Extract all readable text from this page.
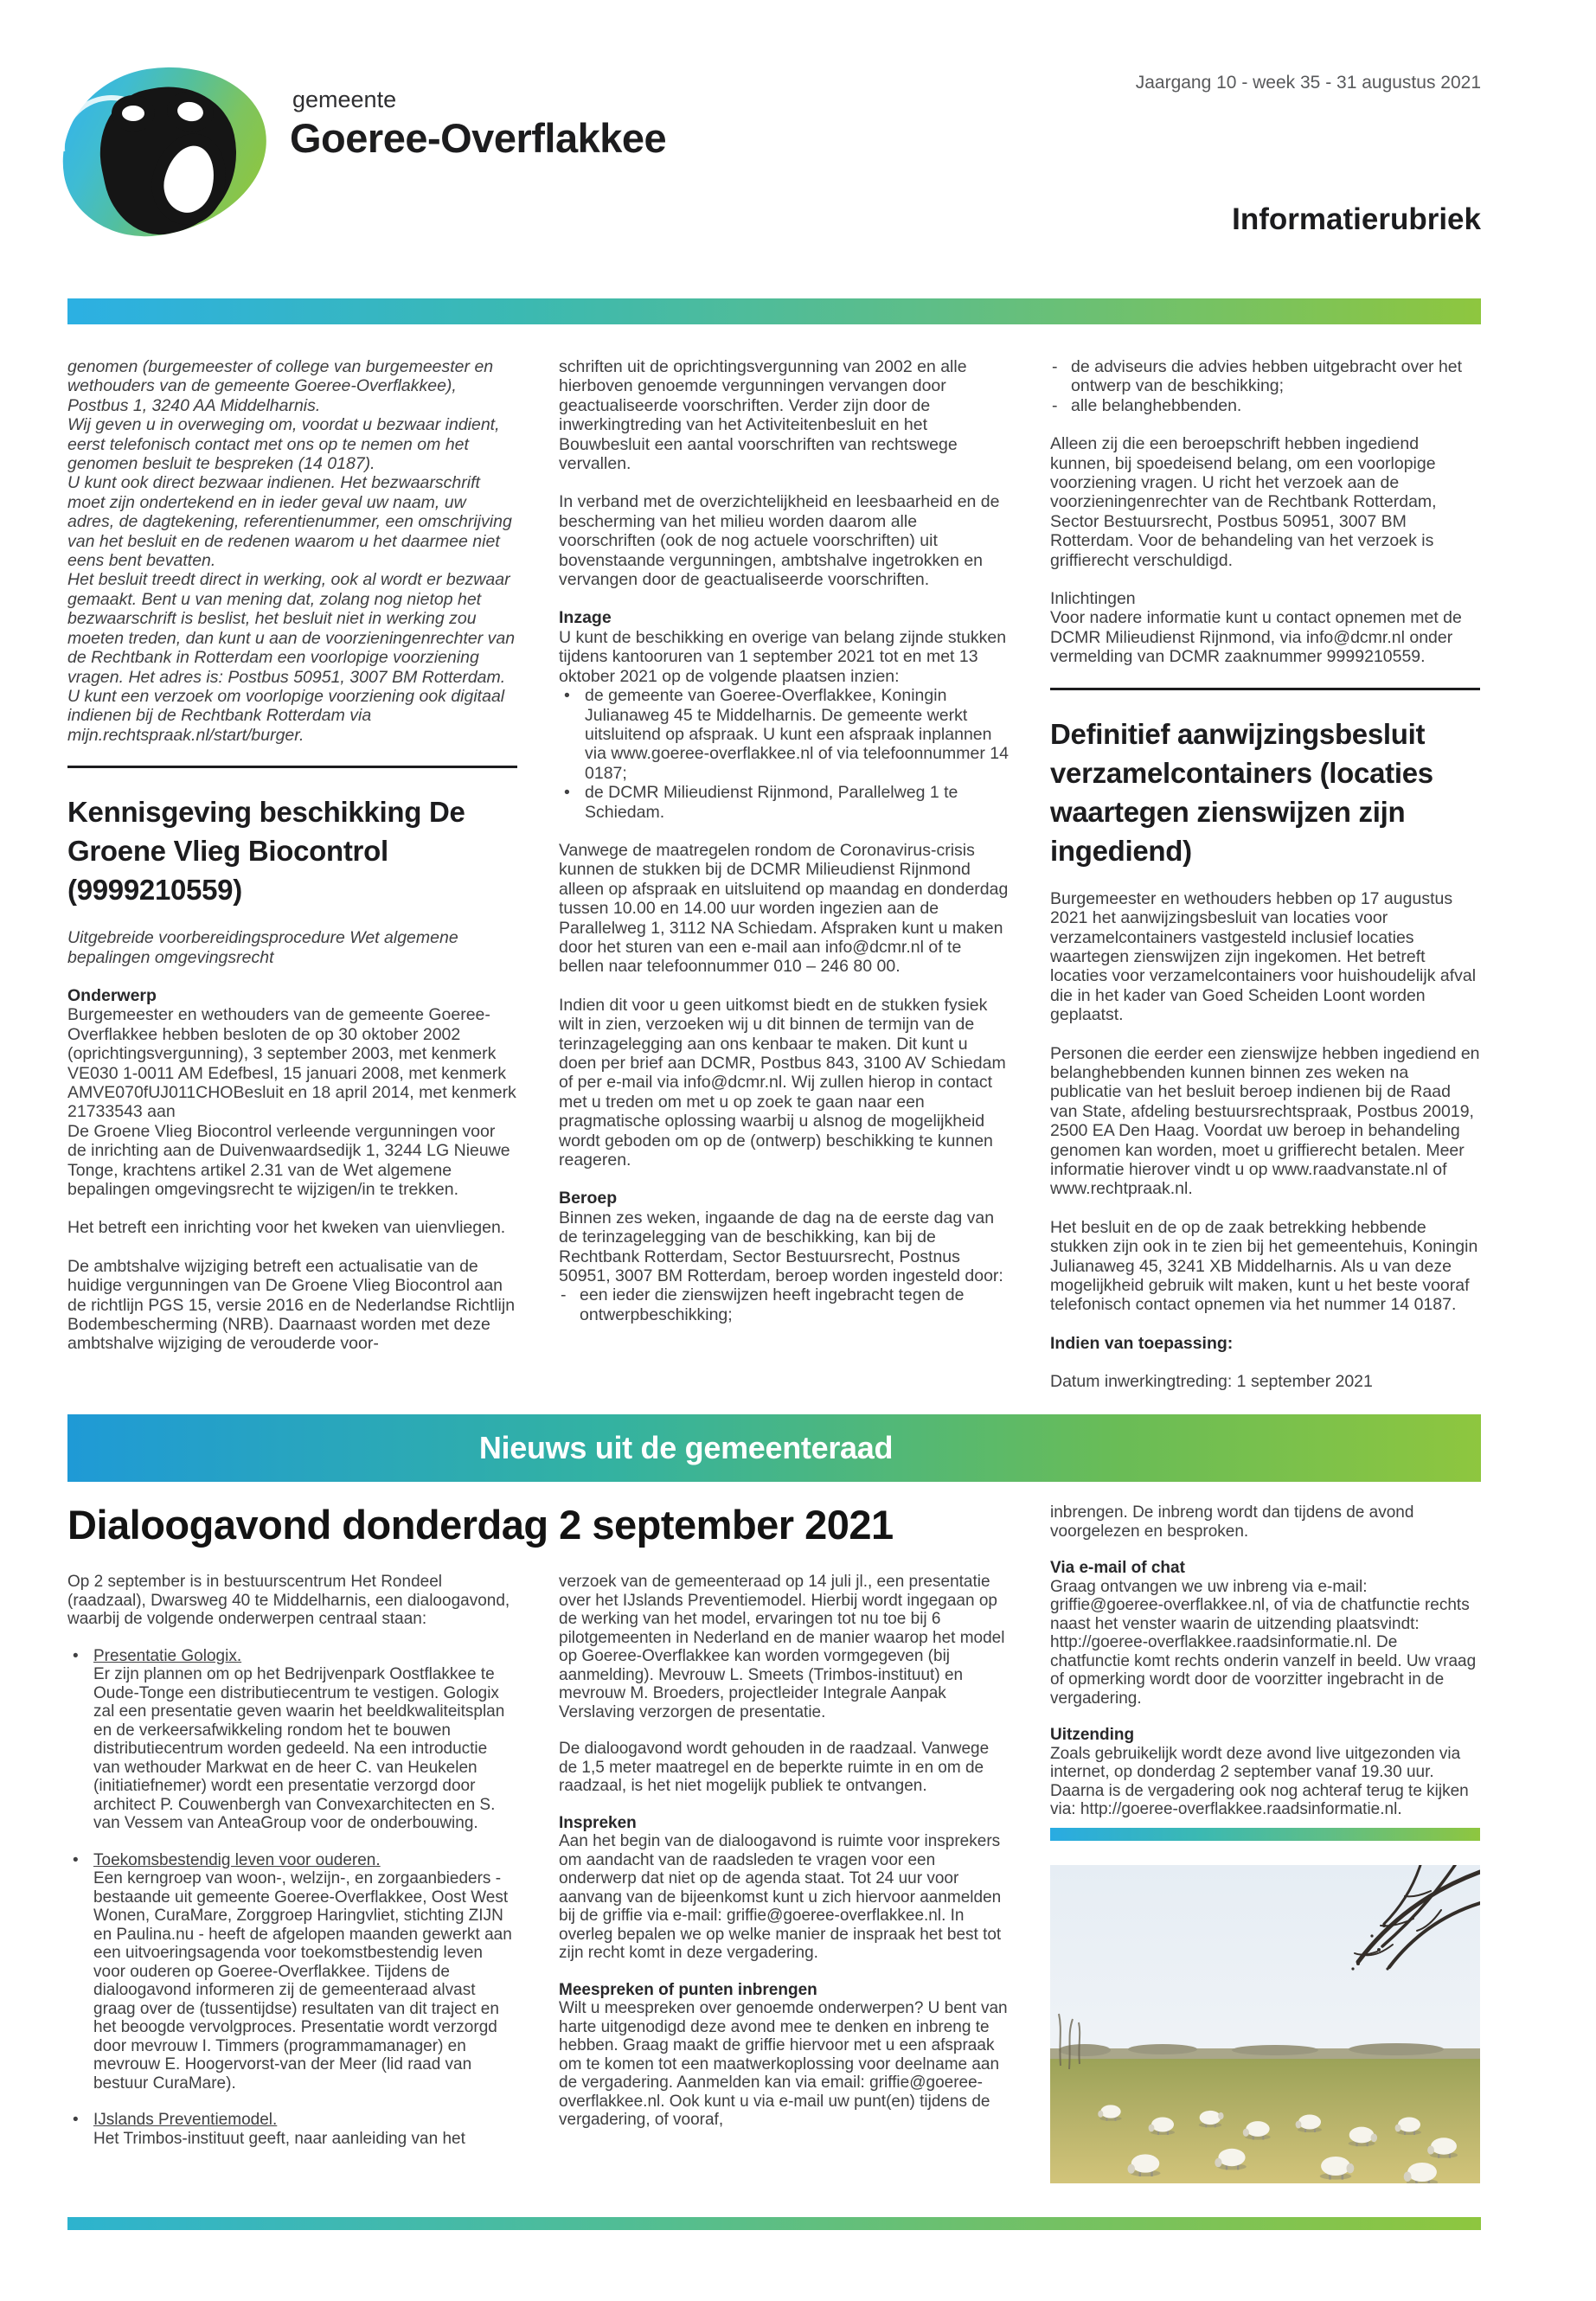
gemeente
Goeree-Overflakkee
Jaargang 10 - week 35 - 31 augustus 2021
Informatierubriek

genomen (burgemeester of college van burgemeester en wethouders van de gemeente Goeree-Overflakkee), Postbus 1, 3240 AA Middelharnis.

Wij geven u in overweging om, voordat u bezwaar indient, eerst telefonisch contact met ons op te nemen om het genomen besluit te bespreken (14 0187).

U kunt ook direct bezwaar indienen. Het bezwaarschrift moet zijn ondertekend en in ieder geval uw naam, uw adres, de dagtekening, referentienummer, een omschrijving van het besluit en de redenen waarom u het daarmee niet eens bent bevatten.

Het besluit treedt direct in werking, ook al wordt er bezwaar gemaakt. Bent u van mening dat, zolang nog nietop het bezwaarschrift is beslist, het besluit niet in werking zou moeten treden, dan kunt u aan de voorzieningenrechter van de Rechtbank in Rotterdam een voorlopige voorziening vragen. Het adres is: Postbus 50951, 3007 BM Rotterdam. U kunt een verzoek om voorlopige voorziening ook digitaal indienen bij de Rechtbank Rotterdam via mijn.rechtspraak.nl/start/burger.

Kennisgeving beschikking De Groene Vlieg Biocontrol (9999210559)

Uitgebreide voorbereidingsprocedure Wet algemene bepalingen omgevingsrecht

Onderwerp

Burgemeester en wethouders van de gemeente Goeree-Overflakkee hebben besloten de op 30 oktober 2002 (oprichtingsvergunning), 3 september 2003, met kenmerk VE030 1-0011 AM Edefbesl, 15 januari 2008, met kenmerk AMVE070fUJ011CHOBesluit en 18 april 2014, met kenmerk 21733543 aan

De Groene Vlieg Biocontrol verleende vergunningen voor de inrichting aan de Duivenwaardsedijk 1, 3244 LG Nieuwe Tonge, krachtens artikel 2.31 van de Wet algemene bepalingen omgevingsrecht te wijzigen/in te trekken.

Het betreft een inrichting voor het kweken van uienvliegen.

De ambtshalve wijziging betreft een actualisatie van de huidige vergunningen van De Groene Vlieg Biocontrol aan de richtlijn PGS 15, versie 2016 en de Nederlandse Richtlijn Bodembescherming (NRB). Daarnaast worden met deze ambtshalve wijziging de verouderde voor-

schriften uit de oprichtingsvergunning van 2002 en alle hierboven genoemde vergunningen vervangen door geactualiseerde voorschriften. Verder zijn door de inwerkingtreding van het Activiteitenbesluit en het Bouwbesluit een aantal voorschriften van rechtswege vervallen.

In verband met de overzichtelijkheid en leesbaarheid en de bescherming van het milieu worden daarom alle voorschriften (ook de nog actuele voorschriften) uit bovenstaande vergunningen, ambtshalve ingetrokken en vervangen door de geactualiseerde voorschriften.

Inzage

U kunt de beschikking en overige van belang zijnde stukken tijdens kantooruren van 1 september 2021 tot en met 13 oktober 2021 op de volgende plaatsen inzien:

• de gemeente van Goeree-Overflakkee, Koningin Julianaweg 45 te Middelharnis. De gemeente werkt uitsluitend op afspraak. U kunt een afspraak inplannen via www.goeree-overflakkee.nl of via telefoonnummer 14 0187;
• de DCMR Milieudienst Rijnmond, Parallelweg 1 te Schiedam.

Vanwege de maatregelen rondom de Coronavirus-crisis kunnen de stukken bij de DCMR Milieudienst Rijnmond alleen op afspraak en uitsluitend op maandag en donderdag tussen 10.00 en 14.00 uur worden ingezien aan de Parallelweg 1, 3112 NA Schiedam. Afspraken kunt u maken door het sturen van een e-mail aan info@dcmr.nl of te bellen naar telefoonnummer 010 – 246 80 00.

Indien dit voor u geen uitkomst biedt en de stukken fysiek wilt in zien, verzoeken wij u dit binnen de termijn van de terinzagelegging aan ons kenbaar te maken. Dit kunt u doen per brief aan DCMR, Postbus 843, 3100 AV Schiedam of per e-mail via info@dcmr.nl. Wij zullen hierop in contact met u treden om met u op zoek te gaan naar een pragmatische oplossing waarbij u alsnog de mogelijkheid wordt geboden om op de (ontwerp) beschikking te kunnen reageren.

Beroep

Binnen zes weken, ingaande de dag na de eerste dag van de terinzagelegging van de beschikking, kan bij de Rechtbank Rotterdam, Sector Bestuursrecht, Postnus 50951, 3007 BM Rotterdam, beroep worden ingesteld door:

- een ieder die zienswijzen heeft ingebracht tegen de ontwerpbeschikking;
- de adviseurs die advies hebben uitgebracht over het ontwerp van de beschikking;
- alle belanghebbenden.

Alleen zij die een beroepschrift hebben ingediend kunnen, bij spoedeisend belang, om een voorlopige voorziening vragen. U richt het verzoek aan de voorzieningenrechter van de Rechtbank Rotterdam, Sector Bestuursrecht, Postbus 50951, 3007 BM Rotterdam. Voor de behandeling van het verzoek is griffierecht verschuldigd.

Inlichtingen

Voor nadere informatie kunt u contact opnemen met de DCMR Milieudienst Rijnmond, via info@dcmr.nl onder vermelding van DCMR zaaknummer 9999210559.

Definitief aanwijzingsbesluit verzamelcontainers (locaties waartegen zienswijzen zijn ingediend)

Burgemeester en wethouders hebben op 17 augustus 2021 het aanwijzingsbesluit van locaties voor verzamelcontainers vastgesteld inclusief locaties waartegen zienswijzen zijn ingekomen. Het betreft locaties voor verzamelcontainers voor huishoudelijk afval die in het kader van Goed Scheiden Loont worden geplaatst.

Personen die eerder een zienswijze hebben ingediend en belanghebbenden kunnen binnen zes weken na publicatie van het besluit beroep indienen bij de Raad van State, afdeling bestuursrechtspraak, Postbus 20019, 2500 EA Den Haag. Voordat uw beroep in behandeling genomen kan worden, moet u griffierecht betalen. Meer informatie hierover vindt u op www.raadvanstate.nl of www.rechtpraak.nl.

Het besluit en de op de zaak betrekking hebbende stukken zijn ook in te zien bij het gemeentehuis, Koningin Julianaweg 45, 3241 XB Middelharnis. Als u van deze mogelijkheid gebruik wilt maken, kunt u het beste vooraf telefonisch contact opnemen via het nummer 14 0187.

Indien van toepassing:

Datum inwerkingtreding: 1 september 2021

Nieuws uit de gemeenteraad
Dialoogavond donderdag 2 september 2021

Op 2 september is in bestuurscentrum Het Rondeel (raadzaal), Dwarsweg 40 te Middelharnis, een dialoogavond, waarbij de volgende onderwerpen centraal staan:

• Presentatie Gologix.
Er zijn plannen om op het Bedrijvenpark Oostflakkee te Oude-Tonge een distributiecentrum te vestigen. Gologix zal een presentatie geven waarin het beeldkwaliteitsplan en de verkeersafwikkeling rondom het te bouwen distributiecentrum worden gedeeld. Na een introductie van wethouder Markwat en de heer C. van Heukelen (initiatiefnemer) wordt een presentatie verzorgd door architect P. Couwenbergh van Convexarchitecten en S. van Vessem van AnteaGroup voor de onderbouwing.
• Toekomsbestendig leven voor ouderen.
Een kerngroep van woon-, welzijn-, en zorgaanbieders - bestaande uit gemeente Goeree-Overflakkee, Oost West Wonen, CuraMare, Zorggroep Haringvliet, stichting ZIJN en Paulina.nu - heeft de afgelopen maanden gewerkt aan een uitvoeringsagenda voor toekomstbestendig leven voor ouderen op Goeree-Overflakkee. Tijdens de dialoogavond informeren zij de gemeenteraad alvast graag over de (tussentijdse) resultaten van dit traject en het beoogde vervolgproces. Presentatie wordt verzorgd door mevrouw I. Timmers (programmamanager) en mevrouw E. Hoogervorst-van der Meer (lid raad van bestuur CuraMare).
• IJslands Preventiemodel.
Het Trimbos-instituut geeft, naar aanleiding van het

verzoek van de gemeenteraad op 14 juli jl., een presentatie over het IJslands Preventiemodel. Hierbij wordt ingegaan op de werking van het model, ervaringen tot nu toe bij 6 pilotgemeenten in Nederland en de manier waarop het model op Goeree-Overflakkee kan worden vormgegeven (bij aanmelding). Mevrouw L. Smeets (Trimbos-instituut) en mevrouw M. Broeders, projectleider Integrale Aanpak Verslaving verzorgen de presentatie.

De dialoogavond wordt gehouden in de raadzaal. Vanwege de 1,5 meter maatregel en de beperkte ruimte in en om de raadzaal, is het niet mogelijk publiek te ontvangen.

Inspreken

Aan het begin van de dialoogavond is ruimte voor insprekers om aandacht van de raadsleden te vragen voor een onderwerp dat niet op de agenda staat. Tot 24 uur voor aanvang van de bijeenkomst kunt u zich hiervoor aanmelden bij de griffie via e-mail: griffie@goeree-overflakkee.nl. In overleg bepalen we op welke manier de inspraak het best tot zijn recht komt in deze vergadering.

Meespreken of punten inbrengen

Wilt u meespreken over genoemde onderwerpen? U bent van harte uitgenodigd deze avond mee te denken en inbreng te hebben. Graag maakt de griffie hiervoor met u een afspraak om te komen tot een maatwerkoplossing voor deelname aan de vergadering. Aanmelden kan via email: griffie@goeree-overflakkee.nl. Ook kunt u via e-mail uw punt(en) tijdens de vergadering, of vooraf,

inbrengen. De inbreng wordt dan tijdens de avond voorgelezen en besproken.

Via e-mail of chat

Graag ontvangen we uw inbreng via e-mail: griffie@goeree-overflakkee.nl, of via de chatfunctie rechts naast het venster waarin de uitzending plaatsvindt: http://goeree-overflakkee.raadsinformatie.nl. De chatfunctie komt rechts onderin vanzelf in beeld. Uw vraag of opmerking wordt door de voorzitter ingebracht in de vergadering.

Uitzending

Zoals gebruikelijk wordt deze avond live uitgezonden via internet, op donderdag 2 september vanaf 19.30 uur. Daarna is de vergadering ook nog achteraf terug te kijken via: http://goeree-overflakkee.raadsinformatie.nl.
